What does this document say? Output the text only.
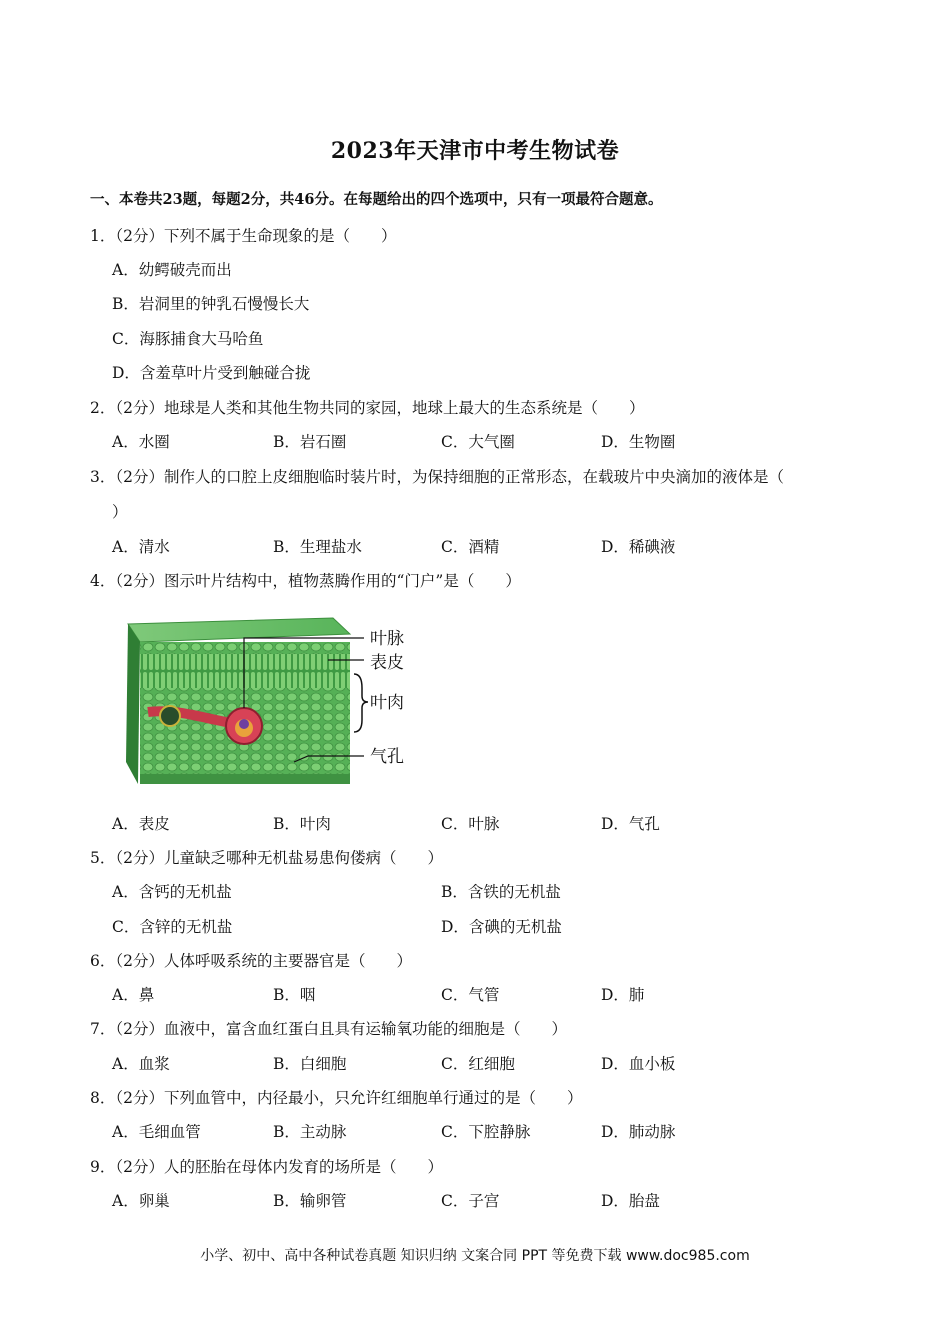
2023年天津市中考生物试卷
一、本卷共23题，每题2分，共46分。在每题给出的四个选项中，只有一项最符合题意。
1．（2分）下列不属于生命现象的是（　　）
A．幼鳄破壳而出
B．岩洞里的钟乳石慢慢长大
C．海豚捕食大马哈鱼
D．含羞草叶片受到触碰合拢
2．（2分）地球是人类和其他生物共同的家园，地球上最大的生态系统是（　　）
A．水圈	B．岩石圈	C．大气圈	D．生物圈
3．（2分）制作人的口腔上皮细胞临时装片时，为保持细胞的正常形态，在载玻片中央滴加的液体是（
）
A．清水	B．生理盐水	C．酒精	D．稀碘液
4．（2分）图示叶片结构中，植物蒸腾作用的“门户”是（　　）
叶脉
表皮
叶肉
气孔
A．表皮	B．叶肉	C．叶脉	D．气孔
5．（2分）儿童缺乏哪种无机盐易患佝偻病（　　）
A．含钙的无机盐	B．含铁的无机盐
C．含锌的无机盐	D．含碘的无机盐
6．（2分）人体呼吸系统的主要器官是（　　）
A．鼻	B．咽	C．气管	D．肺
7．（2分）血液中，富含血红蛋白且具有运输氧功能的细胞是（　　）
A．血浆	B．白细胞	C．红细胞	D．血小板
8．（2分）下列血管中，内径最小，只允许红细胞单行通过的是（　　）
A．毛细血管	B．主动脉	C．下腔静脉	D．肺动脉
9．（2分）人的胚胎在母体内发育的场所是（　　）
A．卵巢	B．输卵管	C．子宫	D．胎盘
小学、初中、高中各种试卷真题 知识归纳 文案合同 PPT 等免费下载 www.doc985.com
